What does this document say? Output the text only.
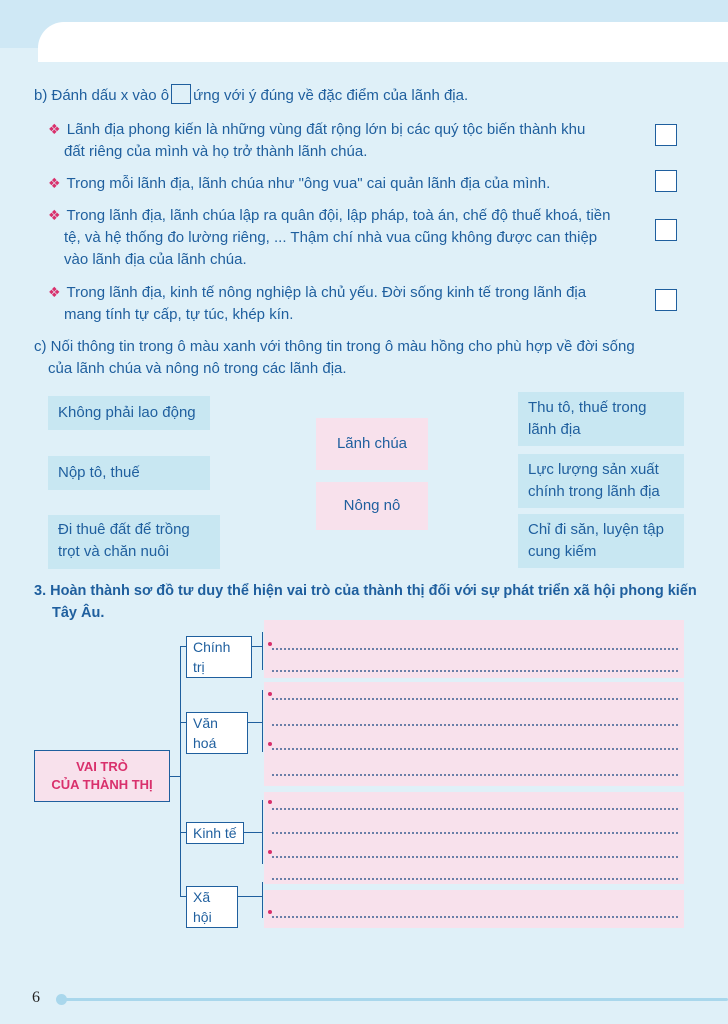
b) Đánh dấu x vào ô ứng với ý đúng về đặc điểm của lãnh địa.
❖ Lãnh địa phong kiến là những vùng đất rộng lớn bị các quý tộc biến thành khu
đất riêng của mình và họ trở thành lãnh chúa.
❖ Trong mỗi lãnh địa, lãnh chúa như "ông vua" cai quản lãnh địa của mình.
❖ Trong lãnh địa, lãnh chúa lập ra quân đội, lập pháp, toà án, chế độ thuế khoá, tiền
tệ, và hệ thống đo lường riêng, ... Thậm chí nhà vua cũng không được can thiệp
vào lãnh địa của lãnh chúa.
❖ Trong lãnh địa, kinh tế nông nghiệp là chủ yếu. Đời sống kinh tế trong lãnh địa
mang tính tự cấp, tự túc, khép kín.
c) Nối thông tin trong ô màu xanh với thông tin trong ô màu hồng cho phù hợp về đời sống
của lãnh chúa và nông nô trong các lãnh địa.
Không phải lao động
Nộp tô, thuế
Đi thuê đất để trồng
trọt và chăn nuôi
Lãnh chúa
Nông nô
Thu tô, thuế trong
lãnh địa
Lực lượng sản xuất
chính trong lãnh địa
Chỉ đi săn, luyện tập
cung kiếm
3. Hoàn thành sơ đồ tư duy thể hiện vai trò của thành thị đối với sự phát triển xã hội phong kiến
Tây Âu.
VAI TRÒ
CỦA THÀNH THỊ
Chính trị
Văn hoá
Kinh tế
Xã hội
6
